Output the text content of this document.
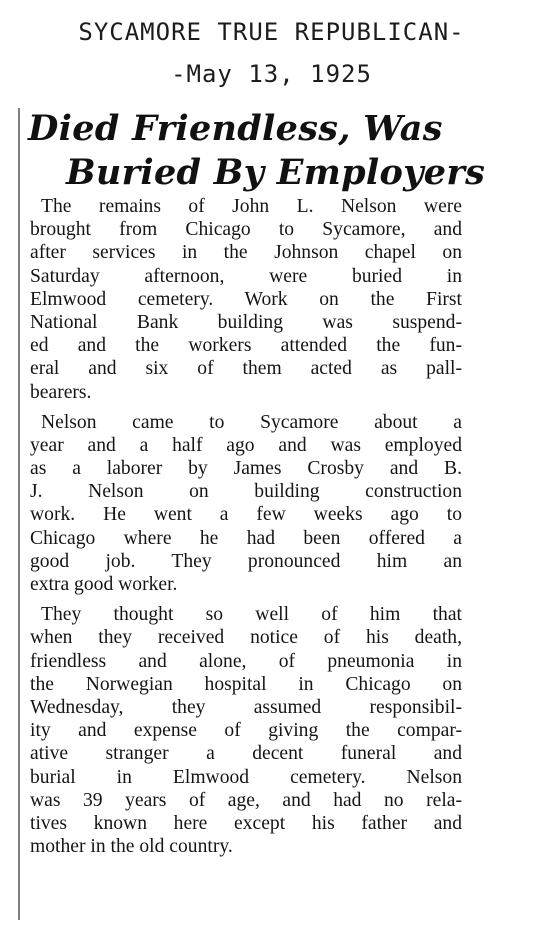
SYCAMORE TRUE REPUBLICAN-
-May 13, 1925
Died Friendless, Was
Buried By Employers
The remains of John L. Nelson were
brought from Chicago to Sycamore, and
after services in the Johnson chapel on
Saturday afternoon, were buried in
Elmwood cemetery. Work on the First
National Bank building was suspend-
ed and the workers attended the fun-
eral and six of them acted as pall-
bearers.
Nelson came to Sycamore about a
year and a half ago and was employed
as a laborer by James Crosby and B.
J. Nelson on building construction
work. He went a few weeks ago to
Chicago where he had been offered a
good job. They pronounced him an
extra good worker.
They thought so well of him that
when they received notice of his death,
friendless and alone, of pneumonia in
the Norwegian hospital in Chicago on
Wednesday, they assumed responsibil-
ity and expense of giving the compar-
ative stranger a decent funeral and
burial in Elmwood cemetery. Nelson
was 39 years of age, and had no rela-
tives known here except his father and
mother in the old country.
